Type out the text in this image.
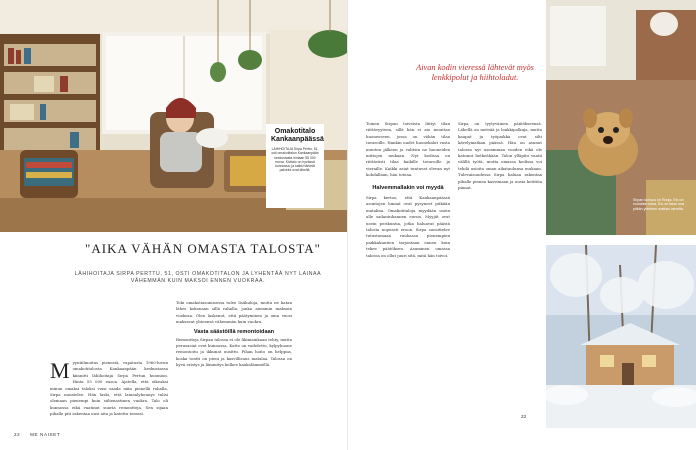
Omakotitalo Kankaanpäässä
LÄHIHOITAJA Sirpa Perttu, 51, osti omakotitalon Kankaanpään keskustasta hintaan 55 000 euroa. Kivitalo on hyvässä kunnossa, ja kaikki tärkeät palvelut ovat lähellä.
"AIKA VÄHÄN OMASTA TALOSTA"
LÄHIHOITAJA SIRPA PERTTU, 51, OSTI OMAKOTITALON JA LYHENTÄÄ NYT LAINAA VÄHEMMÄN KUIN MAKSOI ENNEN VUOKRAA.
Myyntiilmoitus pienestä, rapatusta 1960-luvun omakotitalosta Kankaanpään keskustassa kiinnitti lähihoitaja Sirpa Pertun huomion. Hinta 55 000 euroa. Ajatella, että oikeaksi minun omaksi taloksi voisi saada näin pienellä rahalla, Sirpa muistelee. Hän laski, että lainanlyhennys tulisi olemaan pienempi kuin siihenastinen vuokra. Talo oli kunnossa eikä vaatinut suuria remontteja. Sen sijaan pihalle piti rakentaa uusi aita ja katettu terassi.
Toki omakotiasumisessa tulee lisäkuluja, mutta ne katan lähes kokonaan sillä rahalla, jonka aiemmin maksoin vuokraa. Olen laskenut, että päätyminen ja oma vuosi maksavat yhteensä vähemmän kuin vuokra.
Vasta säästöillä remontoidaan
Remontteja Sirpan talossa ei ole likimainkaan tehty, mutta perusasiat ovat kunnossa. Katto on vaihdettu, kylpyhuone remontoitu ja ikkunat uusittu. Pihan hoito on helppoa, koska tontti on pieni ja kasvillisuus matalaa. Talossa on hyvä eristys ja lämmitys kulkee kaukolämmöllä.
22 ME NAISET
Aivan kodin vieressä lähtevät myös lenkkipolut ja hiihtoladut.
Toinen Sirpan toiveista liittyi tilan riittävyyteen, sillä hän ei aio muuttaa huoneeseen, jossa on vähän tilaa tavaroille. Hankin uudet huonekalut vasta muuton jälkeen ja valitsin ne huoneiden mittojen mukaan. Nyt kodissa on riittävästi tilaa kaikille tavaroille ja vieraille. Kaikki asiat tuntuvat olevan nyt kohdallaan, hän toteaa.
Halvemmallakin voi myydä
Sirpa kertoo, että Kankaanpäässä asuntojen hinnat ovat pysyneet pitkään matalina. Omakotitaloja myydään usein alle sadantuhannen euron. Myyjät ovat usein perikuntia, jotka haluavat päästä talosta nopeasti eroon. Sirpa suosittelee tutustumaan rauhassa pienempien paikkakuntien tarjontaan ennen kuin tekee päätöksen. Asuminen omassa talossa on ollut juuri sitä, mitä hän toivoi.
Sirpa on tyytyväinen päätökseensä. Lähellä on metsää ja lenkkipolkuja, mutta kaupat ja työpaikka ovat silti kävelymatkan päässä. Hän on asunut talossa nyt useamman vuoden eikä ole katunut hetkeäkään. Talon ylläpito vaatii välillä työtä, mutta omassa kodissa voi tehdä asioita oman aikataulunsa mukaan. Tulevaisuudessa Sirpa haluaa rakentaa pihalle pienen kasvimaan ja uusia keittiön pinnat.
Sirpan koiruus on Ronja. Elo on ruokaisin koira. Elo on talon osa pitkän yhteisen matkan varrelta.
23
